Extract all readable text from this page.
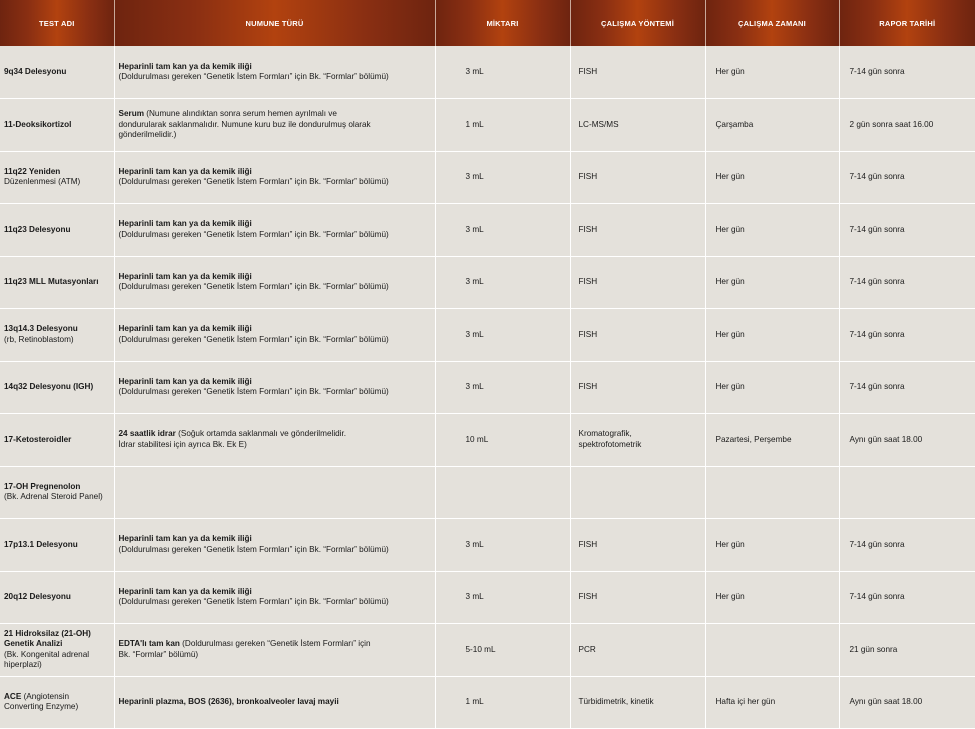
TEST ADI	NUMUNE TÜRÜ	MİKTARI	ÇALIŞMA YÖNTEMİ	ÇALIŞMA ZAMANI	RAPOR TARİHİ

9q34 Delesyonu	Heparinli tam kan ya da kemik iliği
(Doldurulması gereken “Genetik İstem Formları” için Bk. “Formlar” bölümü)	3 mL	FISH	Her gün	7-14 gün sonra

11-Deoksikortizol	Serum (Numune alındıktan sonra serum hemen ayrılmalı ve
dondurularak saklanmalıdır. Numune kuru buz ile dondurulmuş olarak
gönderilmelidir.)	1 mL	LC-MS/MS	Çarşamba	2 gün sonra saat 16.00

11q22 Yeniden
Düzenlenmesi (ATM)	Heparinli tam kan ya da kemik iliği
(Doldurulması gereken “Genetik İstem Formları” için Bk. “Formlar” bölümü)	3 mL	FISH	Her gün	7-14 gün sonra

11q23 Delesyonu	Heparinli tam kan ya da kemik iliği
(Doldurulması gereken “Genetik İstem Formları” için Bk. “Formlar” bölümü)	3 mL	FISH	Her gün	7-14 gün sonra

11q23 MLL Mutasyonları	Heparinli tam kan ya da kemik iliği
(Doldurulması gereken “Genetik İstem Formları” için Bk. “Formlar” bölümü)	3 mL	FISH	Her gün	7-14 gün sonra

13q14.3 Delesyonu
(rb, Retinoblastom)	Heparinli tam kan ya da kemik iliği
(Doldurulması gereken “Genetik İstem Formları” için Bk. “Formlar” bölümü)	3 mL	FISH	Her gün	7-14 gün sonra

14q32 Delesyonu (IGH)	Heparinli tam kan ya da kemik iliği
(Doldurulması gereken “Genetik İstem Formları” için Bk. “Formlar” bölümü)	3 mL	FISH	Her gün	7-14 gün sonra

17-Ketosteroidler	24 saatlik idrar (Soğuk ortamda saklanmalı ve gönderilmelidir.
İdrar stabilitesi için ayrıca Bk. Ek E)	10 mL	Kromatografik,
spektrofotometrik	Pazartesi, Perşembe	Aynı gün saat 18.00

17-OH Pregnenolon
(Bk. Adrenal Steroid Panel)					

17p13.1 Delesyonu	Heparinli tam kan ya da kemik iliği
(Doldurulması gereken “Genetik İstem Formları” için Bk. “Formlar” bölümü)	3 mL	FISH	Her gün	7-14 gün sonra

20q12 Delesyonu	Heparinli tam kan ya da kemik iliği
(Doldurulması gereken “Genetik İstem Formları” için Bk. “Formlar” bölümü)	3 mL	FISH	Her gün	7-14 gün sonra

21 Hidroksilaz (21-OH)
Genetik Analizi
(Bk. Kongenital adrenal
hiperplazi)	EDTA'lı tam kan (Doldurulması gereken “Genetik İstem Formları” için
Bk. “Formlar” bölümü)	5-10 mL	PCR		21 gün sonra

ACE (Angiotensin
Converting Enzyme)	Heparinli plazma, BOS (2636), bronkoalveoler lavaj mayii	1 mL	Türbidimetrik, kinetik	Hafta içi her gün	Aynı gün saat 18.00
